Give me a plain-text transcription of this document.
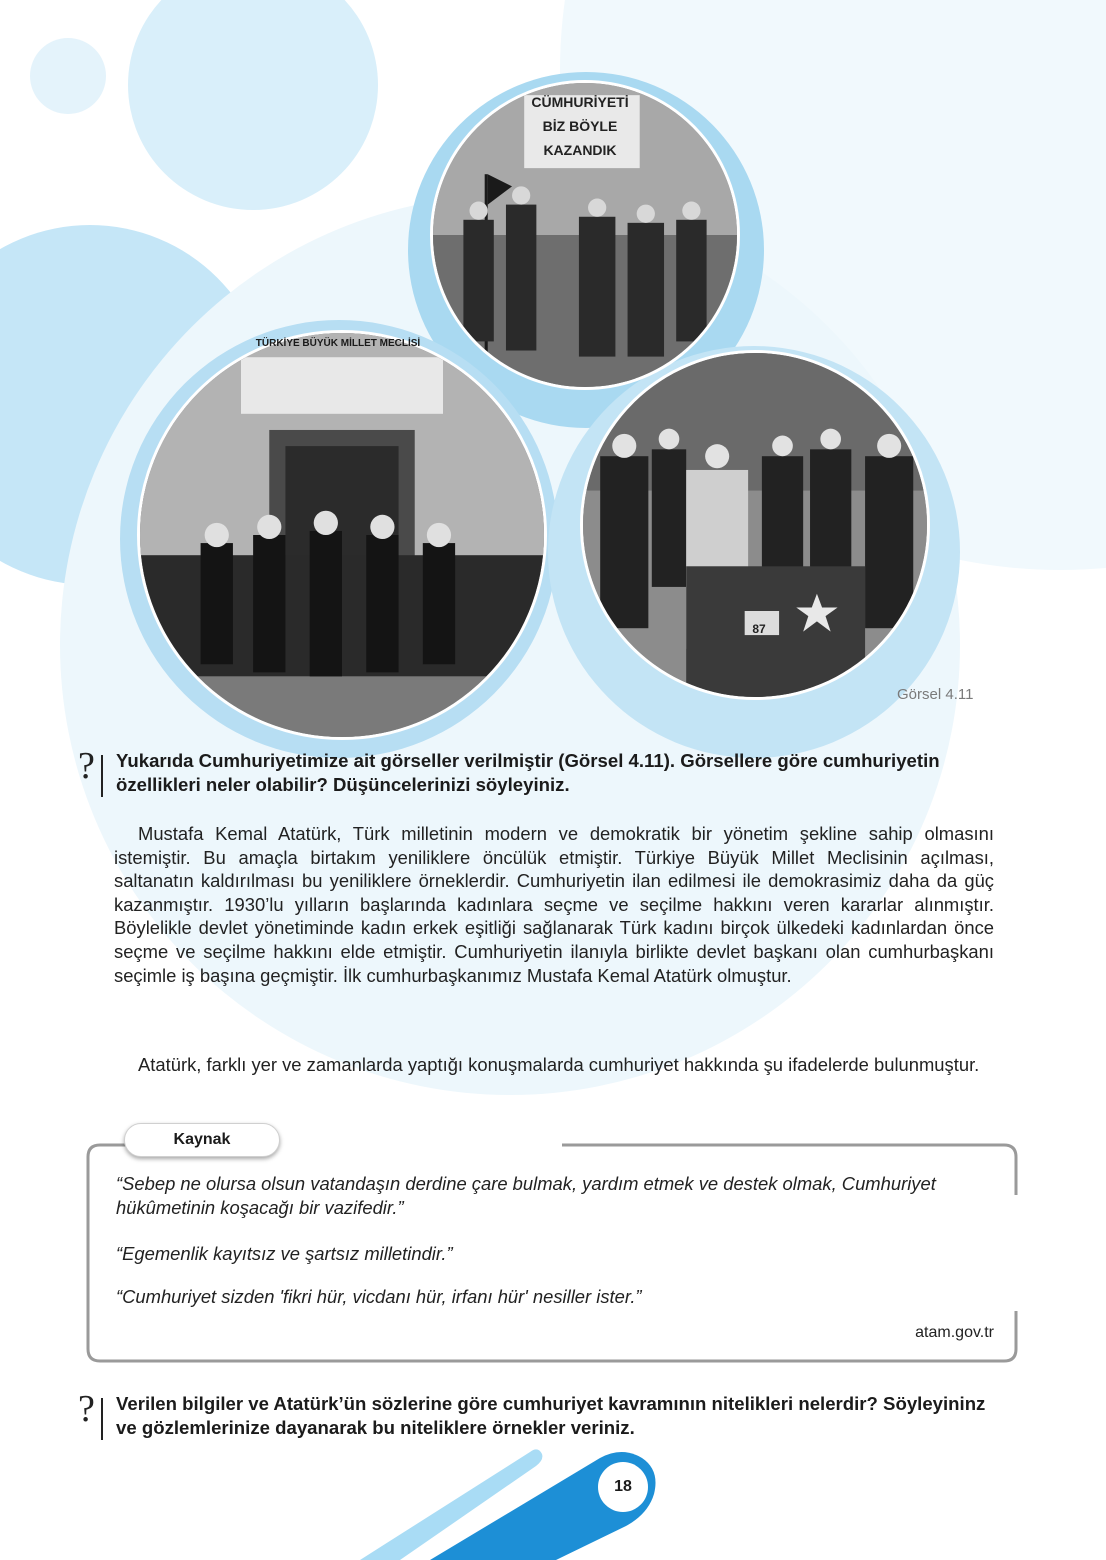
TÜRKİYE BÜYÜK MİLLET MECLİSİ
CÜMHURİYETİ BİZ BÖYLE KAZANDIK
87
Görsel 4.11
? Yukarıda Cumhuriyetimize ait görseller verilmiştir (Görsel 4.11). Görsellere göre cumhuriyetin özellikleri neler olabilir? Düşüncelerinizi söyleyiniz.

Mustafa Kemal Atatürk, Türk milletinin modern ve demokratik bir yönetim şekline sahip olmasını istemiştir. Bu amaçla birtakım yeniliklere öncülük etmiştir. Türkiye Büyük Millet Meclisinin açılması, saltanatın kaldırılması bu yeniliklere örneklerdir. Cumhuriyetin ilan edilmesi ile demokrasimiz daha da güç kazanmıştır. 1930’lu yılların başlarında kadınlara seçme ve seçilme hakkını veren kararlar alınmıştır. Böylelikle devlet yönetiminde kadın erkek eşitliği sağlanarak Türk kadını birçok ülkedeki kadınlardan önce seçme ve seçilme hakkını elde etmiştir. Cumhuriyetin ilanıyla birlikte devlet başkanı olan cumhurbaşkanı seçimle iş başına geçmiştir. İlk cumhurbaşkanımız Mustafa Kemal Atatürk olmuştur.

Atatürk, farklı yer ve zamanlarda yaptığı konuşmalarda cumhuriyet hakkında şu ifadelerde bulunmuştur.

Kaynak
“Sebep ne olursa olsun vatandaşın derdine çare bulmak, yardım etmek ve destek olmak, Cumhuriyet hükûmetinin koşacağı bir vazifedir.”
“Egemenlik kayıtsız ve şartsız milletindir.”
“Cumhuriyet sizden 'fikri hür, vicdanı hür, irfanı hür' nesiller ister.”
atam.gov.tr
? Verilen bilgiler ve Atatürk’ün sözlerine göre cumhuriyet kavramının nitelikleri nelerdir? Söyleyininz ve gözlemlerinize dayanarak bu niteliklere örnekler veriniz.
18
